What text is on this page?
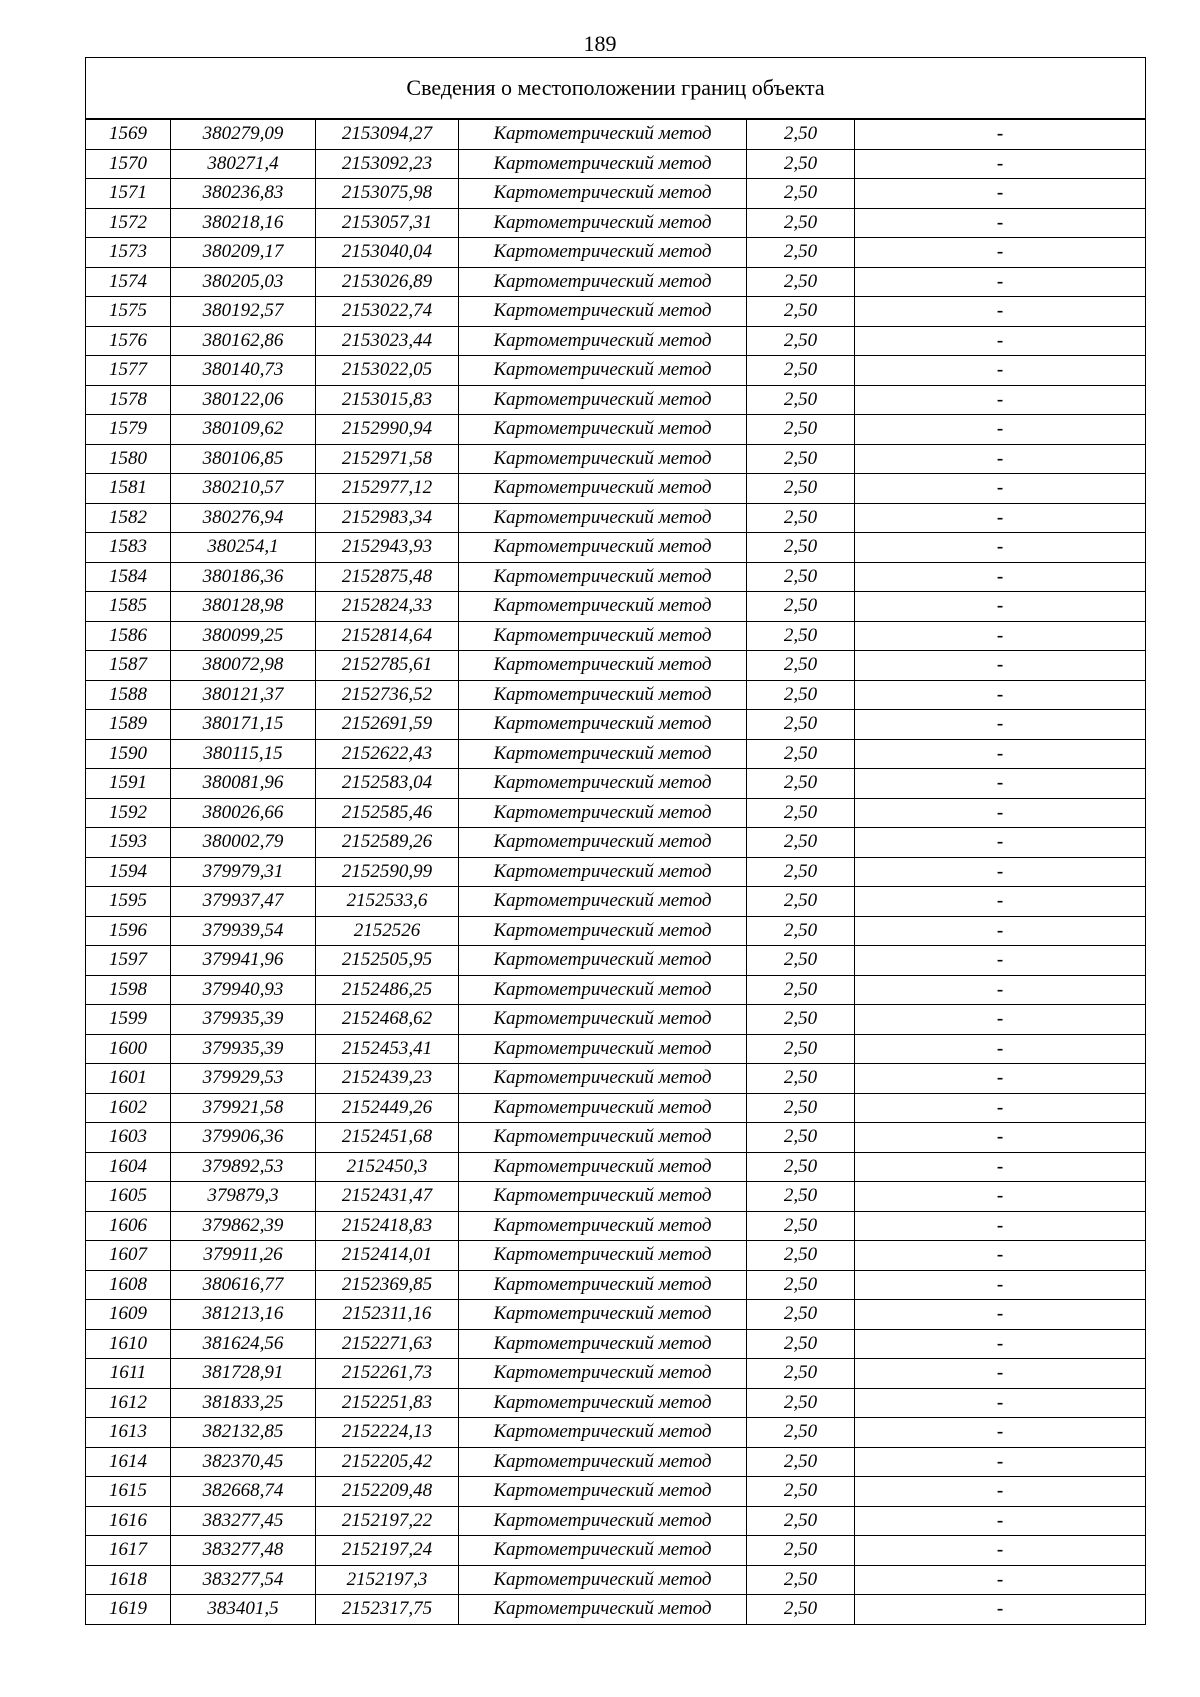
189
Сведения о местоположении границ объекта					
1569	380279,09	2153094,27	Картометрический метод	2,50	-
1570	380271,4	2153092,23	Картометрический метод	2,50	-
1571	380236,83	2153075,98	Картометрический метод	2,50	-
1572	380218,16	2153057,31	Картометрический метод	2,50	-
1573	380209,17	2153040,04	Картометрический метод	2,50	-
1574	380205,03	2153026,89	Картометрический метод	2,50	-
1575	380192,57	2153022,74	Картометрический метод	2,50	-
1576	380162,86	2153023,44	Картометрический метод	2,50	-
1577	380140,73	2153022,05	Картометрический метод	2,50	-
1578	380122,06	2153015,83	Картометрический метод	2,50	-
1579	380109,62	2152990,94	Картометрический метод	2,50	-
1580	380106,85	2152971,58	Картометрический метод	2,50	-
1581	380210,57	2152977,12	Картометрический метод	2,50	-
1582	380276,94	2152983,34	Картометрический метод	2,50	-
1583	380254,1	2152943,93	Картометрический метод	2,50	-
1584	380186,36	2152875,48	Картометрический метод	2,50	-
1585	380128,98	2152824,33	Картометрический метод	2,50	-
1586	380099,25	2152814,64	Картометрический метод	2,50	-
1587	380072,98	2152785,61	Картометрический метод	2,50	-
1588	380121,37	2152736,52	Картометрический метод	2,50	-
1589	380171,15	2152691,59	Картометрический метод	2,50	-
1590	380115,15	2152622,43	Картометрический метод	2,50	-
1591	380081,96	2152583,04	Картометрический метод	2,50	-
1592	380026,66	2152585,46	Картометрический метод	2,50	-
1593	380002,79	2152589,26	Картометрический метод	2,50	-
1594	379979,31	2152590,99	Картометрический метод	2,50	-
1595	379937,47	2152533,6	Картометрический метод	2,50	-
1596	379939,54	2152526	Картометрический метод	2,50	-
1597	379941,96	2152505,95	Картометрический метод	2,50	-
1598	379940,93	2152486,25	Картометрический метод	2,50	-
1599	379935,39	2152468,62	Картометрический метод	2,50	-
1600	379935,39	2152453,41	Картометрический метод	2,50	-
1601	379929,53	2152439,23	Картометрический метод	2,50	-
1602	379921,58	2152449,26	Картометрический метод	2,50	-
1603	379906,36	2152451,68	Картометрический метод	2,50	-
1604	379892,53	2152450,3	Картометрический метод	2,50	-
1605	379879,3	2152431,47	Картометрический метод	2,50	-
1606	379862,39	2152418,83	Картометрический метод	2,50	-
1607	379911,26	2152414,01	Картометрический метод	2,50	-
1608	380616,77	2152369,85	Картометрический метод	2,50	-
1609	381213,16	2152311,16	Картометрический метод	2,50	-
1610	381624,56	2152271,63	Картометрический метод	2,50	-
1611	381728,91	2152261,73	Картометрический метод	2,50	-
1612	381833,25	2152251,83	Картометрический метод	2,50	-
1613	382132,85	2152224,13	Картометрический метод	2,50	-
1614	382370,45	2152205,42	Картометрический метод	2,50	-
1615	382668,74	2152209,48	Картометрический метод	2,50	-
1616	383277,45	2152197,22	Картометрический метод	2,50	-
1617	383277,48	2152197,24	Картометрический метод	2,50	-
1618	383277,54	2152197,3	Картометрический метод	2,50	-
1619	383401,5	2152317,75	Картометрический метод	2,50	-
